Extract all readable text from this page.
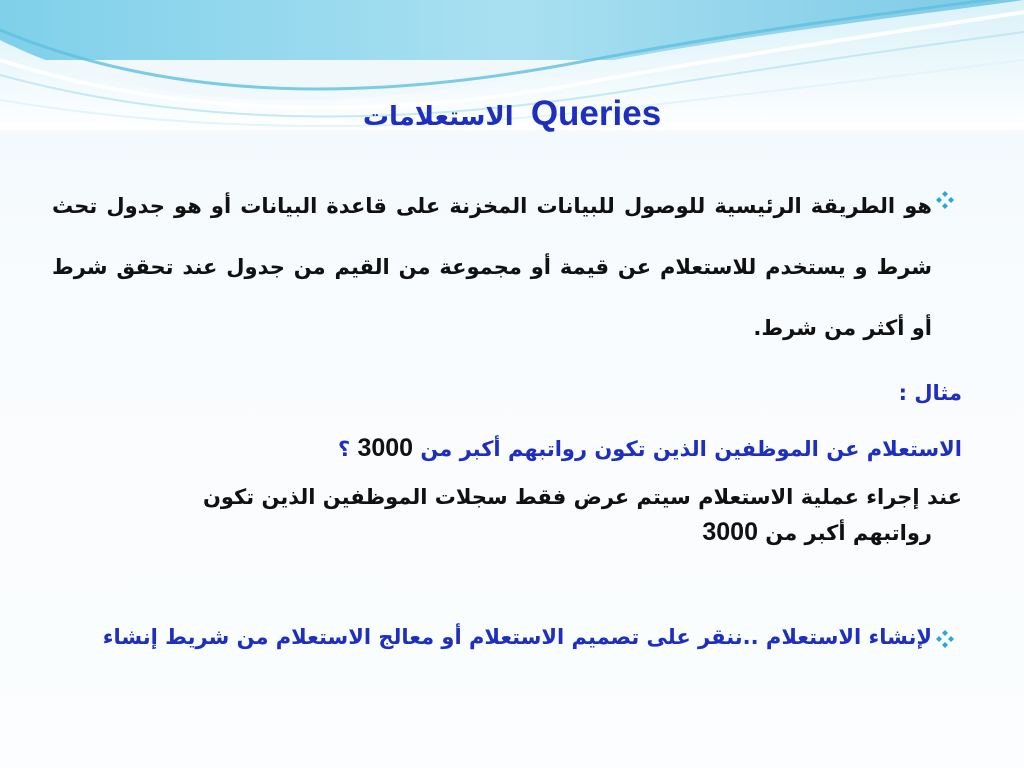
Queries الاستعلامات
هو الطريقة الرئيسية للوصول للبيانات المخزنة على قاعدة البيانات أو هو جدول تحث شرط و يستخدم للاستعلام عن قيمة أو مجموعة من القيم من جدول عند تحقق شرط أو أكثر من شرط.
مثال :
الاستعلام عن الموظفين الذين تكون رواتبهم أكبر من 3000 ؟
عند إجراء عملية الاستعلام سيتم عرض فقط سجلات الموظفين الذين تكون
رواتبهم أكبر من 3000
لإنشاء الاستعلام ..ننقر على تصميم الاستعلام أو معالج الاستعلام من شريط إنشاء
